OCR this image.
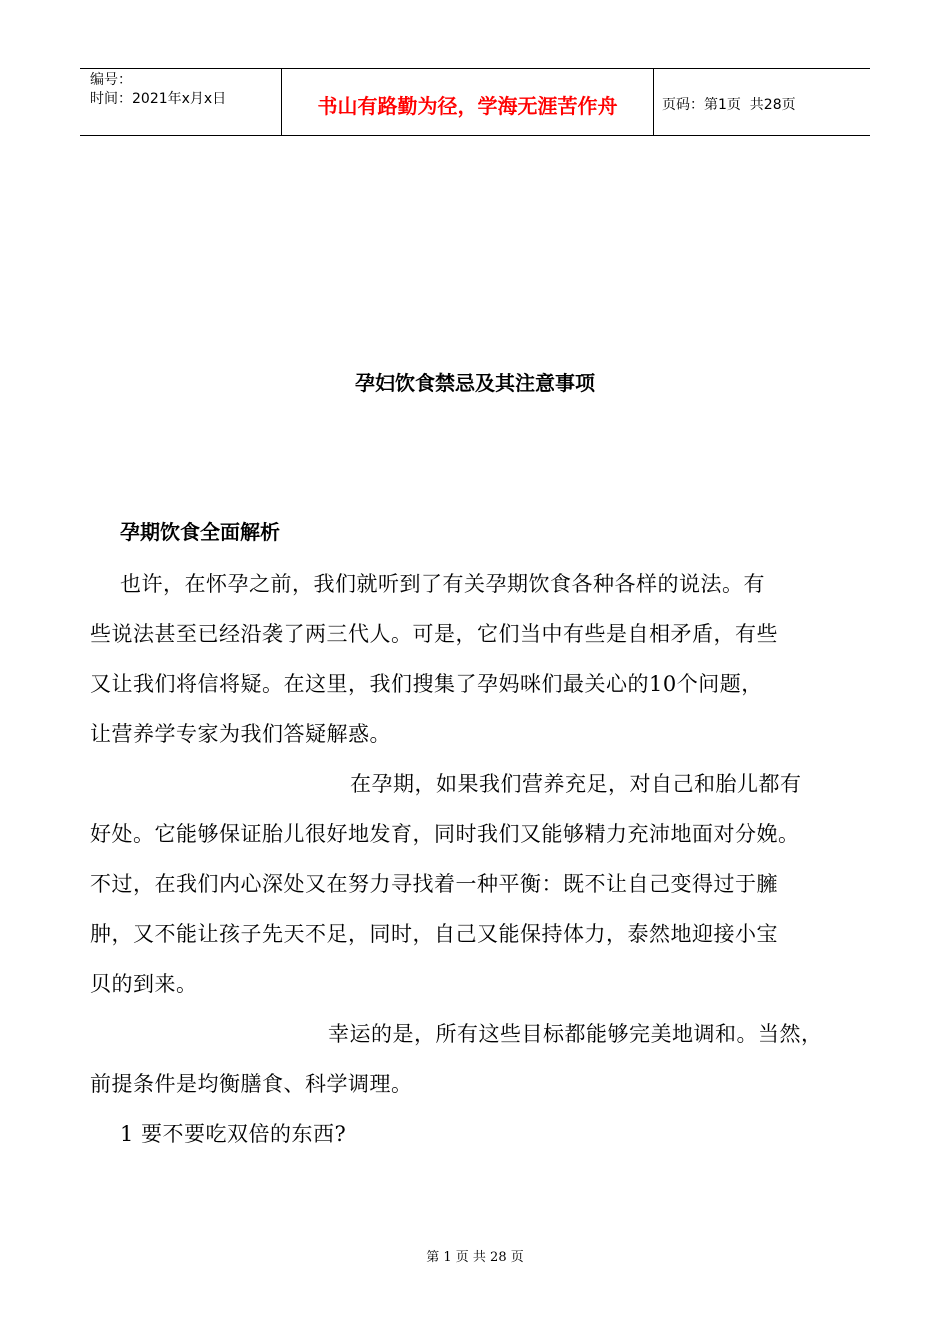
编号：
时间：2021年x月x日	书山有路勤为径，学海无涯苦作舟	页码：第1页  共28页
孕妇饮食禁忌及其注意事项
孕期饮食全面解析
也许，在怀孕之前，我们就听到了有关孕期饮食各种各样的说法。有
些说法甚至已经沿袭了两三代人。可是，它们当中有些是自相矛盾，有些
又让我们将信将疑。在这里，我们搜集了孕妈咪们最关心的10个问题，
让营养学专家为我们答疑解惑。
在孕期，如果我们营养充足，对自己和胎儿都有
好处。它能够保证胎儿很好地发育，同时我们又能够精力充沛地面对分娩。
不过，在我们内心深处又在努力寻找着一种平衡：既不让自己变得过于臃
肿，又不能让孩子先天不足，同时，自己又能保持体力，泰然地迎接小宝
贝的到来。
幸运的是，所有这些目标都能够完美地调和。当然，
前提条件是均衡膳食、科学调理。
1 要不要吃双倍的东西?
第 1 页 共 28 页
